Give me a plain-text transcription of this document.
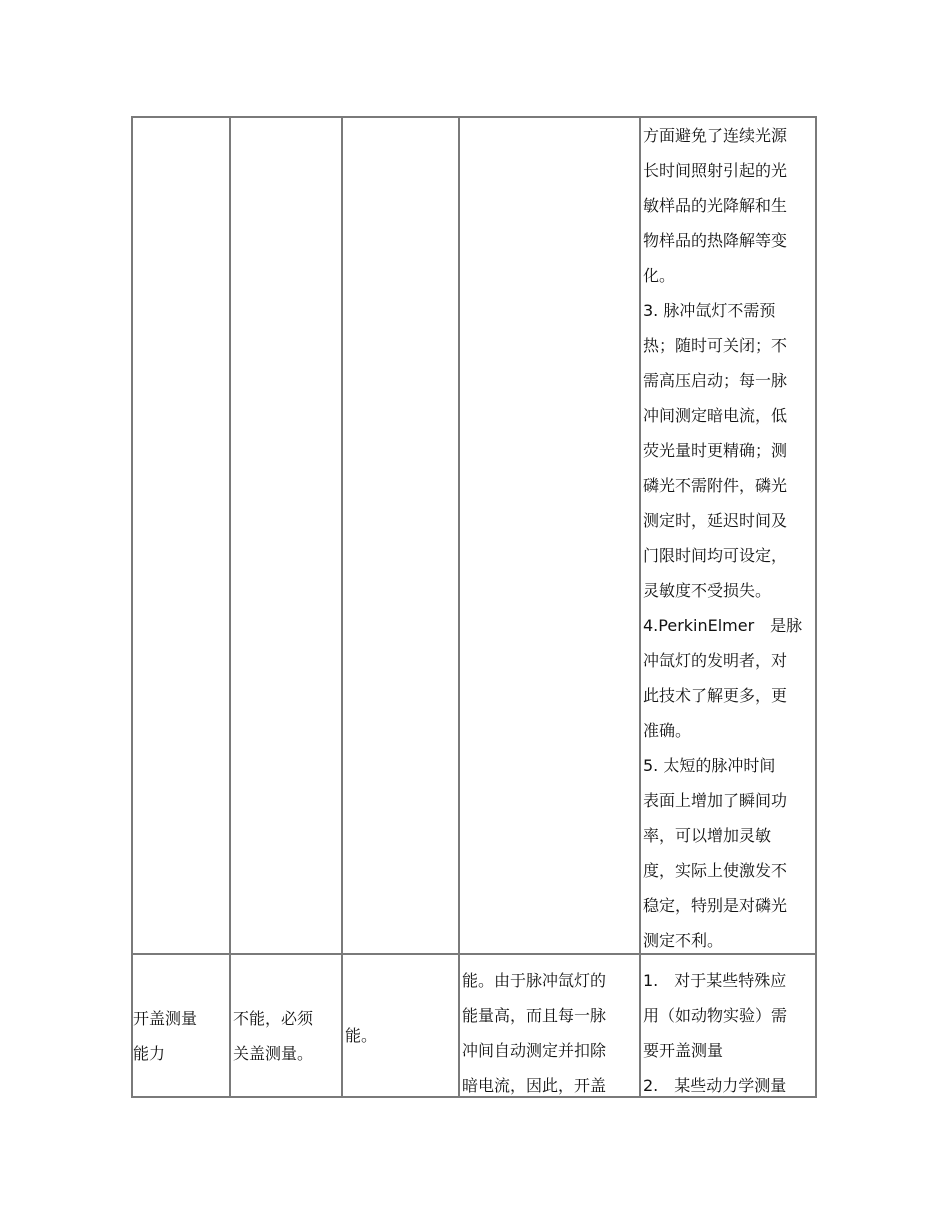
方面避免了连续光源
长时间照射引起的光
敏样品的光降解和生
物样品的热降解等变
化。
3. 脉冲氙灯不需预
热；随时可关闭；不
需高压启动；每一脉
冲间测定暗电流，低
荧光量时更精确；测
磷光不需附件，磷光
测定时，延迟时间及
门限时间均可设定，
灵敏度不受损失。
4.PerkinElmer　是脉
冲氙灯的发明者，对
此技术了解更多，更
准确。
5. 太短的脉冲时间
表面上增加了瞬间功
率，可以增加灵敏
度，实际上使激发不
稳定，特别是对磷光
测定不利。
开盖测量
能力
不能，必须
关盖测量。
能。
能。由于脉冲氙灯的
能量高，而且每一脉
冲间自动测定并扣除
暗电流，因此，开盖
1.　对于某些特殊应
用（如动物实验）需
要开盖测量
2.　某些动力学测量
